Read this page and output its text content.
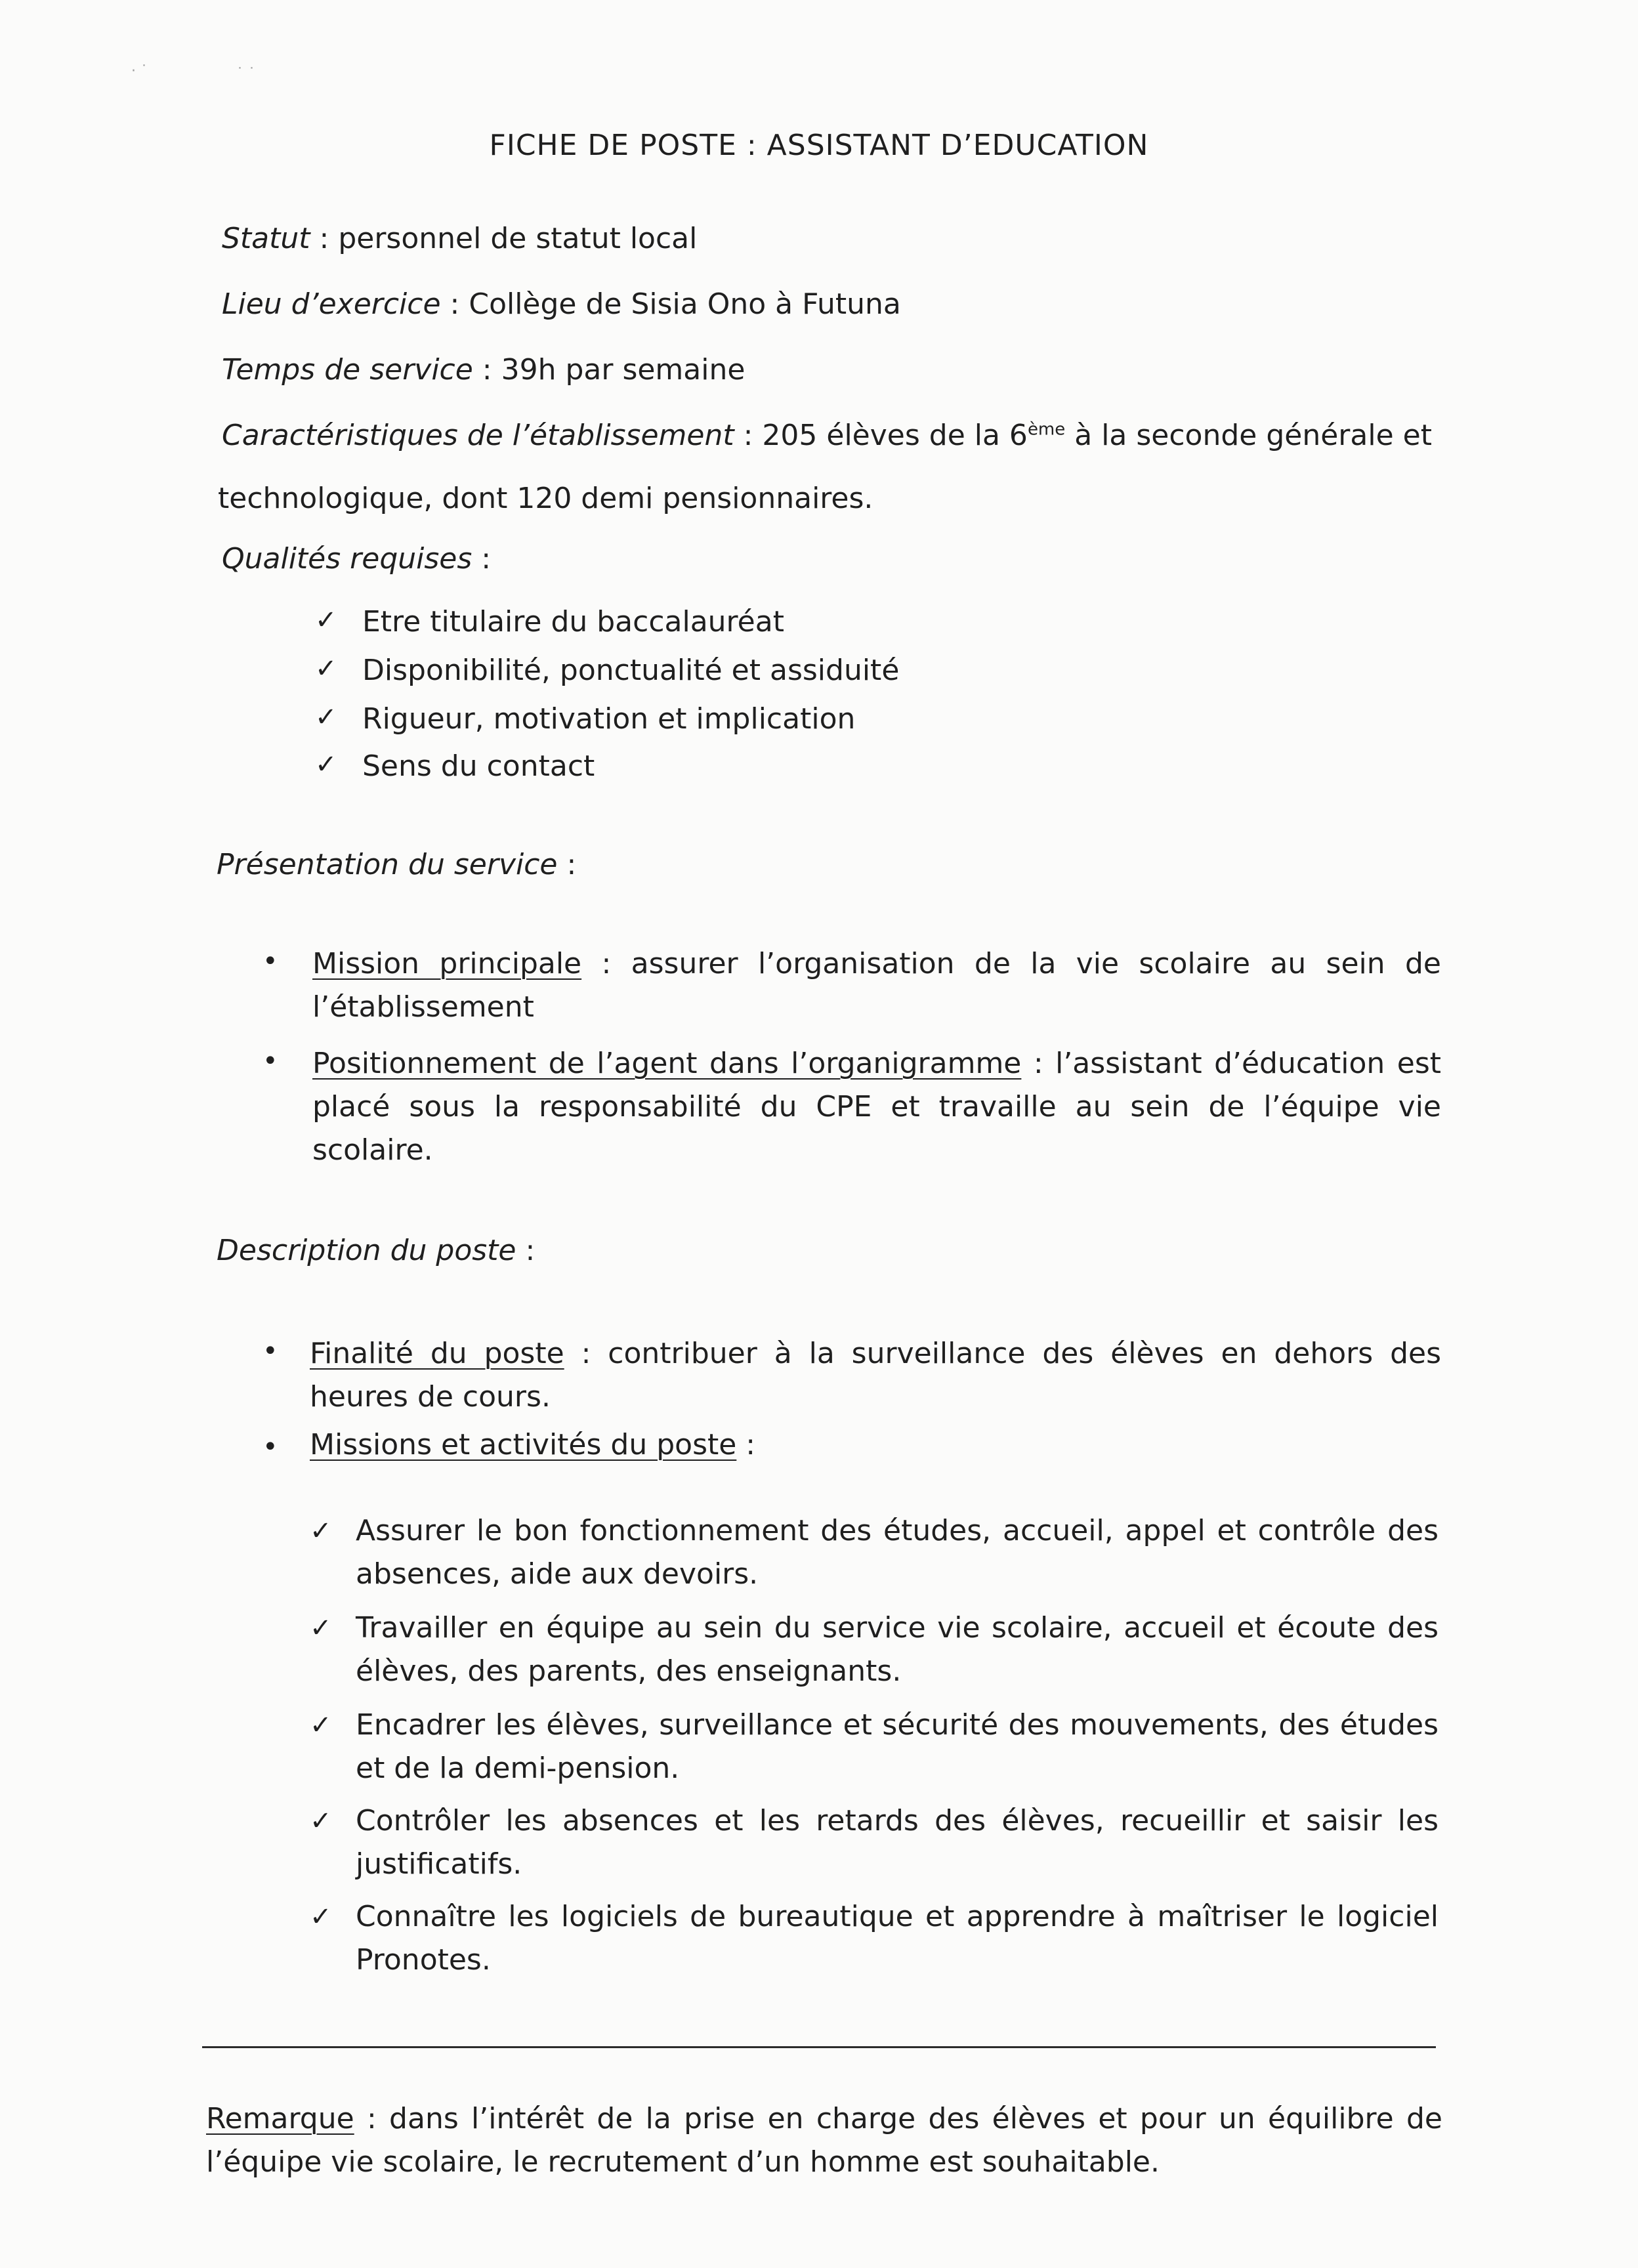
· ˙	˙ ˙
FICHE DE POSTE : ASSISTANT D’EDUCATION
Statut : personnel de statut local
Lieu d’exercice : Collège de Sisia Ono à Futuna
Temps de service : 39h par semaine
Caractéristiques de l’établissement : 205 élèves de la 6ème à la seconde générale et
technologique, dont 120 demi pensionnaires.
Qualités requises :
✓ Etre titulaire du baccalauréat
✓ Disponibilité, ponctualité et assiduité
✓ Rigueur, motivation et implication
✓ Sens du contact
Présentation du service :
• Mission principale : assurer l’organisation de la vie scolaire au sein de l’établissement
• Positionnement de l’agent dans l’organigramme : l’assistant d’éducation est placé sous la responsabilité du CPE et travaille au sein de l’équipe vie scolaire.
Description du poste :
• Finalité du poste : contribuer à la surveillance des élèves en dehors des heures de cours.
• Missions et activités du poste :
✓ Assurer le bon fonctionnement des études, accueil, appel et contrôle des absences, aide aux devoirs.
✓ Travailler en équipe au sein du service vie scolaire, accueil et écoute des élèves, des parents, des enseignants.
✓ Encadrer les élèves, surveillance et sécurité des mouvements, des études et de la demi-pension.
✓ Contrôler les absences et les retards des élèves, recueillir et saisir les justificatifs.
✓ Connaître les logiciels de bureautique et apprendre à maîtriser le logiciel Pronotes.
Remarque : dans l’intérêt de la prise en charge des élèves et pour un équilibre de l’équipe vie scolaire, le recrutement d’un homme est souhaitable.
